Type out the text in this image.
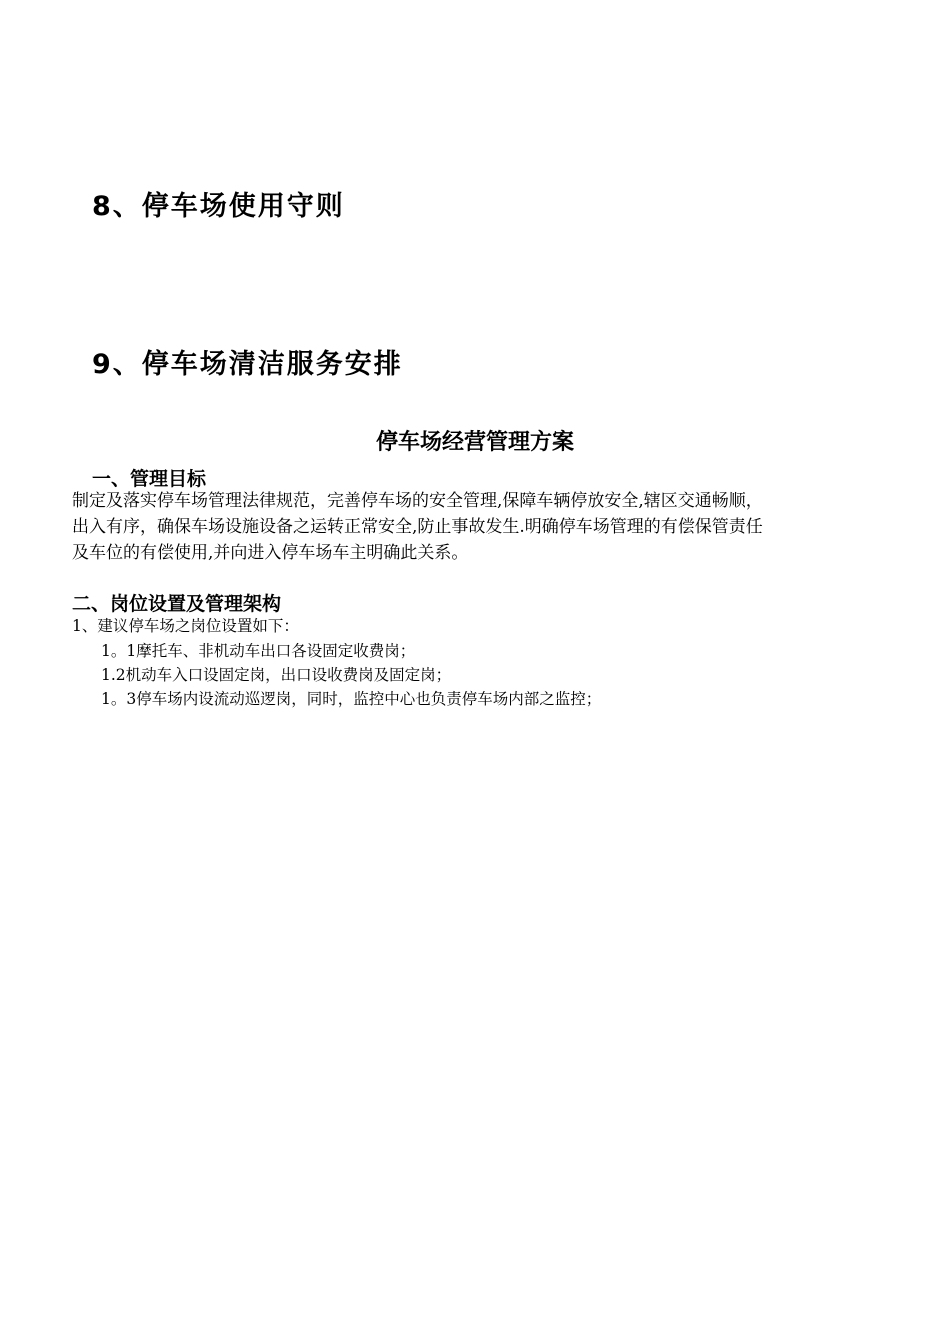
8、停车场使用守则
9、停车场清洁服务安排
停车场经营管理方案
一、管理目标
制定及落实停车场管理法律规范，完善停车场的安全管理,保障车辆停放安全,辖区交通畅顺，
出入有序，确保车场设施设备之运转正常安全,防止事故发生.明确停车场管理的有偿保管责任
及车位的有偿使用,并向进入停车场车主明确此关系。
二、岗位设置及管理架构
1、建议停车场之岗位设置如下：
1。1摩托车、非机动车出口各设固定收费岗；
1.2机动车入口设固定岗，出口设收费岗及固定岗；
1。3停车场内设流动巡逻岗，同时，监控中心也负责停车场内部之监控；
